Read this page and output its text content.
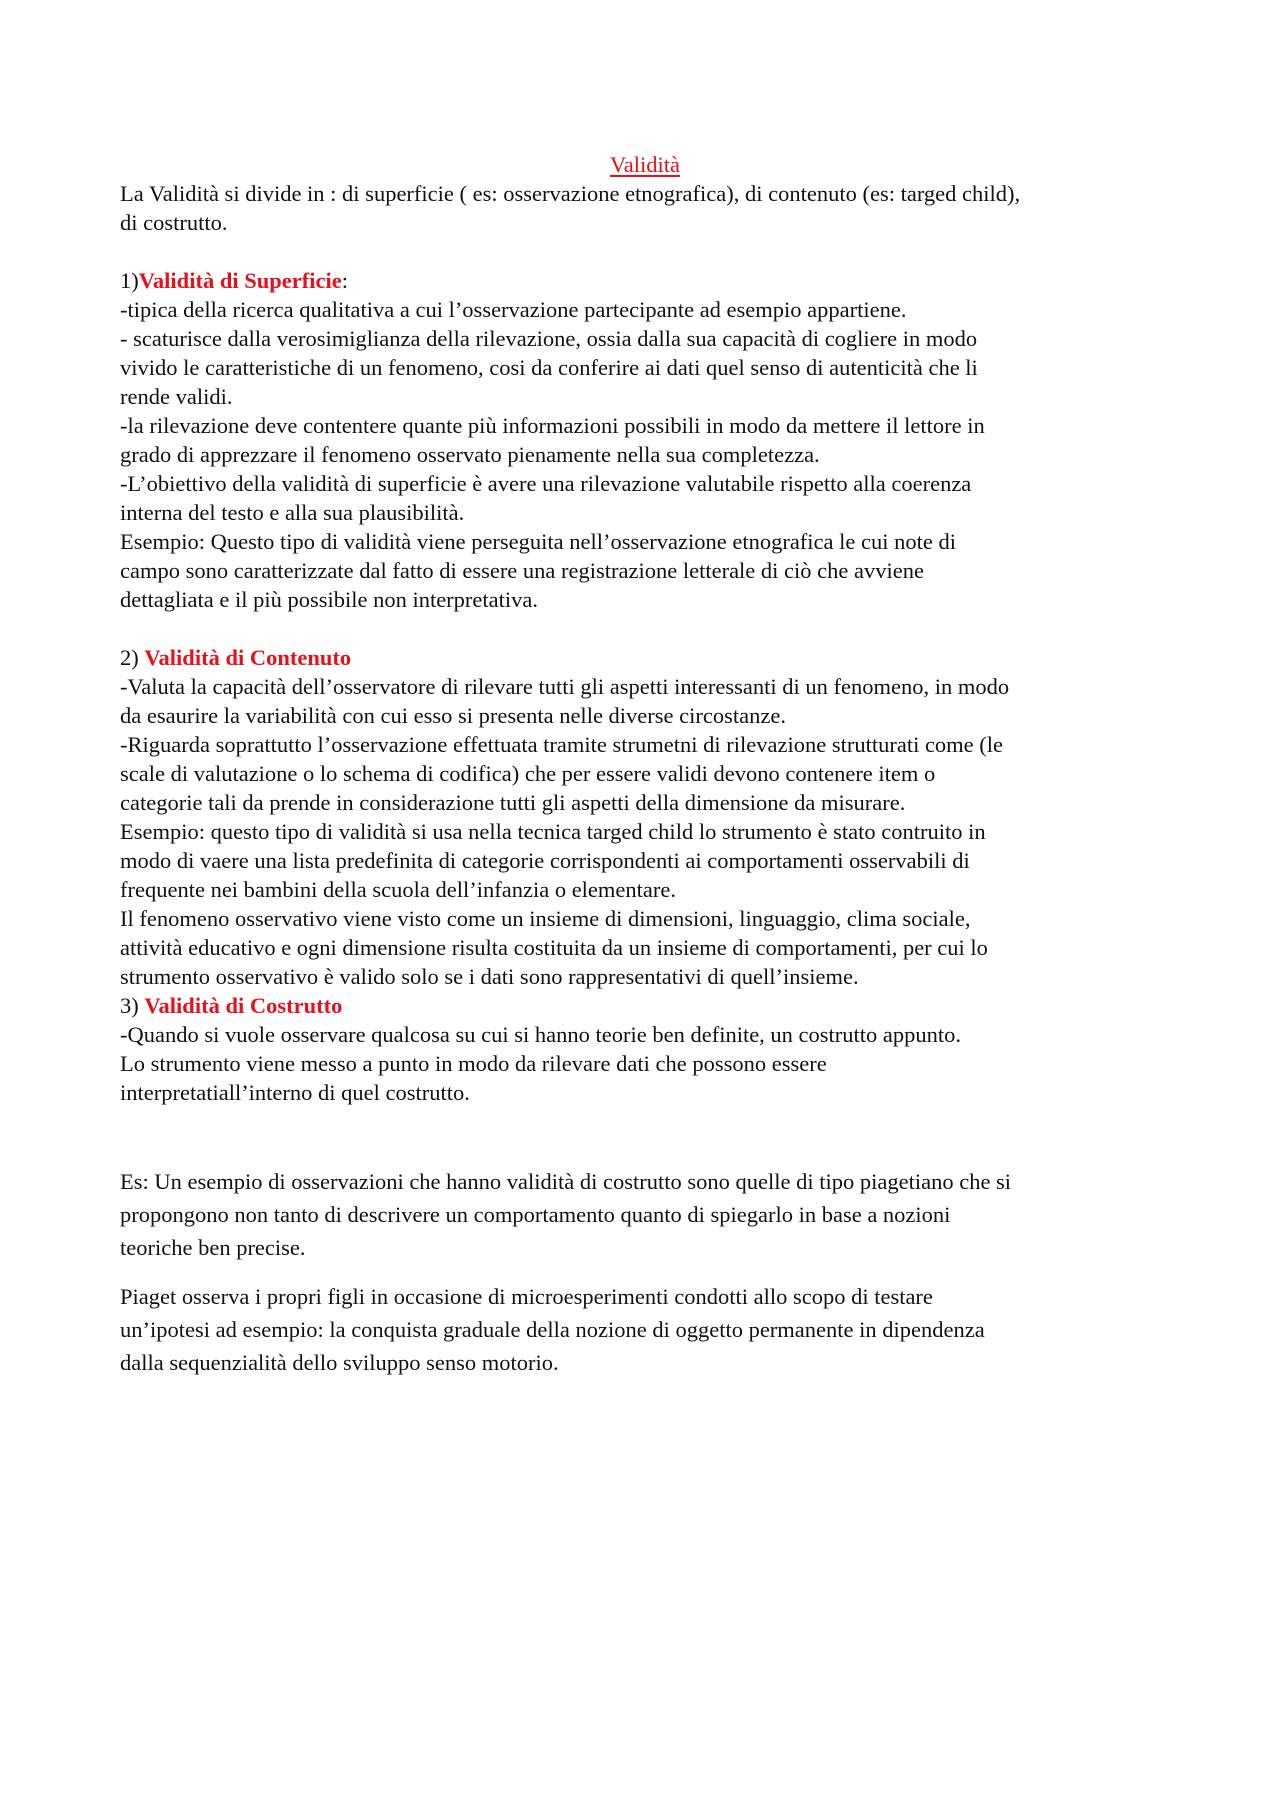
Validità

La Validità si divide in : di superficie ( es: osservazione etnografica), di contenuto (es: targed child),

di costrutto.

1)Validità di Superficie:

-tipica della ricerca qualitativa a cui l’osservazione partecipante ad esempio appartiene.

- scaturisce dalla verosimiglianza della rilevazione, ossia dalla sua capacità di cogliere in modo

vivido le caratteristiche di un fenomeno, cosi da conferire ai dati quel senso di autenticità che li

rende validi.

-la rilevazione deve contentere quante più informazioni possibili in modo da mettere il lettore in

grado di apprezzare il fenomeno osservato pienamente nella sua completezza.

-L’obiettivo della validità di superficie è avere una rilevazione valutabile rispetto alla coerenza

interna del testo e alla sua plausibilità.

Esempio: Questo tipo di validità viene perseguita nell’osservazione etnografica le cui note di

campo sono caratterizzate dal fatto di essere una registrazione letterale di ciò che avviene

dettagliata e il più possibile non interpretativa.

2) Validità di Contenuto

-Valuta la capacità dell’osservatore di rilevare tutti gli aspetti interessanti di un fenomeno, in modo

da esaurire la variabilità con cui esso si presenta nelle diverse circostanze.

-Riguarda soprattutto l’osservazione effettuata tramite strumetni di rilevazione strutturati come (le

scale di valutazione o lo schema di codifica) che per essere validi devono contenere item o

categorie tali da prende in considerazione tutti gli aspetti della dimensione da misurare.

Esempio: questo tipo di validità si usa nella tecnica targed child lo strumento è stato contruito in

modo di vaere una lista predefinita di categorie corrispondenti ai comportamenti osservabili di

frequente nei bambini della scuola dell’infanzia o elementare.

Il fenomeno osservativo viene visto come un insieme di dimensioni, linguaggio, clima sociale,

attività educativo e ogni dimensione risulta costituita da un insieme di comportamenti, per cui lo

strumento osservativo è valido solo se i dati sono rappresentativi di quell’insieme.

3) Validità di Costrutto

-Quando si vuole osservare qualcosa su cui si hanno teorie ben definite, un costrutto appunto.

Lo strumento viene messo a punto in modo da rilevare dati che possono essere

interpretatiall’interno di quel costrutto.

Es: Un esempio di osservazioni che hanno validità di costrutto sono quelle di tipo piagetiano che si

propongono non tanto di descrivere un comportamento quanto di spiegarlo in base a nozioni

teoriche ben precise.

Piaget osserva i propri figli in occasione di microesperimenti condotti allo scopo di testare

un’ipotesi ad esempio: la conquista graduale della nozione di oggetto permanente in dipendenza

dalla sequenzialità dello sviluppo senso motorio.
